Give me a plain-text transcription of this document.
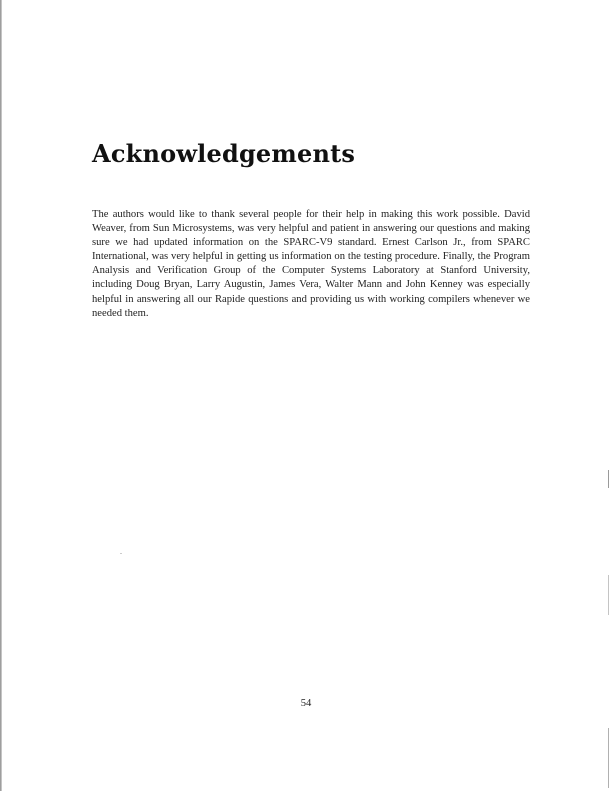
Acknowledgements

The authors would like to thank several people for their help in making this work possible. David Weaver, from Sun Microsystems, was very helpful and patient in answering our questions and making sure we had updated information on the SPARC-V9 standard. Ernest Carlson Jr., from SPARC International, was very helpful in getting us information on the testing procedure. Finally, the Program Analysis and Verification Group of the Computer Systems Laboratory at Stanford University, including Doug Bryan, Larry Augustin, James Vera, Walter Mann and John Kenney was especially helpful in answering all our Rapide questions and providing us with working compilers whenever we needed them.

54
